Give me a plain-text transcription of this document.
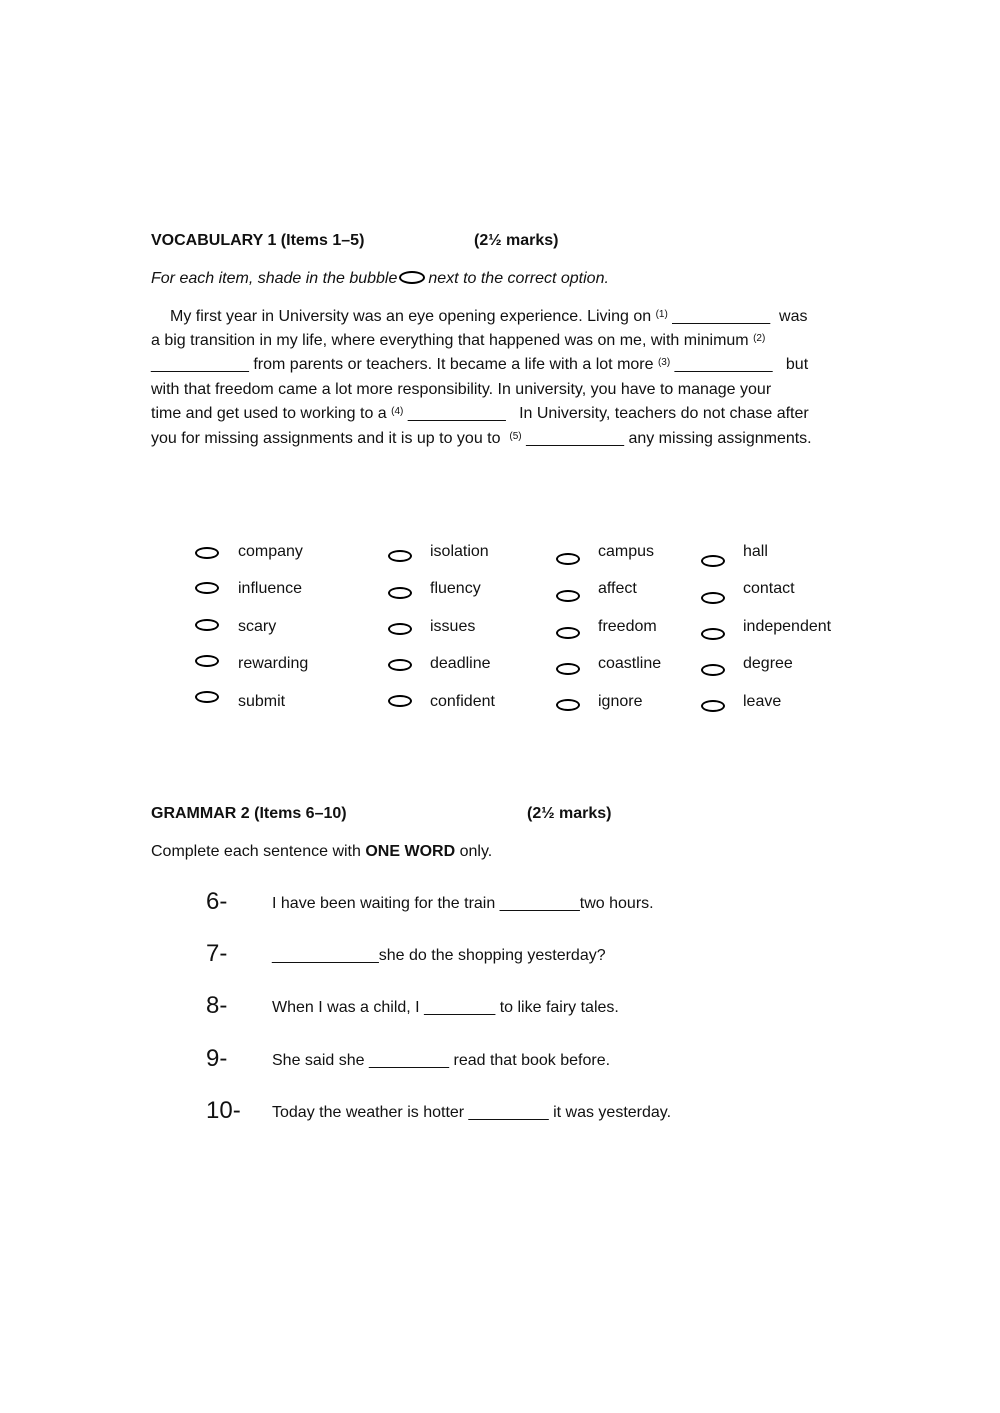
VOCABULARY 1 (Items 1–5)	(2½ marks)
For each item, shade in the bubble next to the correct option.
My first year in University was an eye opening experience. Living on $^{(1)}$ ___________ was
a big transition in my life, where everything that happened was on me, with minimum $^{(2)}$
___________ from parents or teachers. It became a life with a lot more $^{(3)}$ ___________ but
with that freedom came a lot more responsibility. In university, you have to manage your
time and get used to working to a $^{(4)}$ ___________ In University, teachers do not chase after
you for missing assignments and it is up to you to $^{(5)}$ ___________ any missing assignments.
company	isolation	campus	hall
influence	fluency	affect	contact
scary	issues	freedom	independent
rewarding	deadline	coastline	degree
submit	confident	ignore	leave
GRAMMAR 2 (Items 6–10)	(2½ marks)
Complete each sentence with ONE WORD only.
6-	I have been waiting for the train _________two hours.
7-	____________she do the shopping yesterday?
8-	When I was a child, I ________ to like fairy tales.
9-	She said she _________ read that book before.
10- Today the weather is hotter _________ it was yesterday.
